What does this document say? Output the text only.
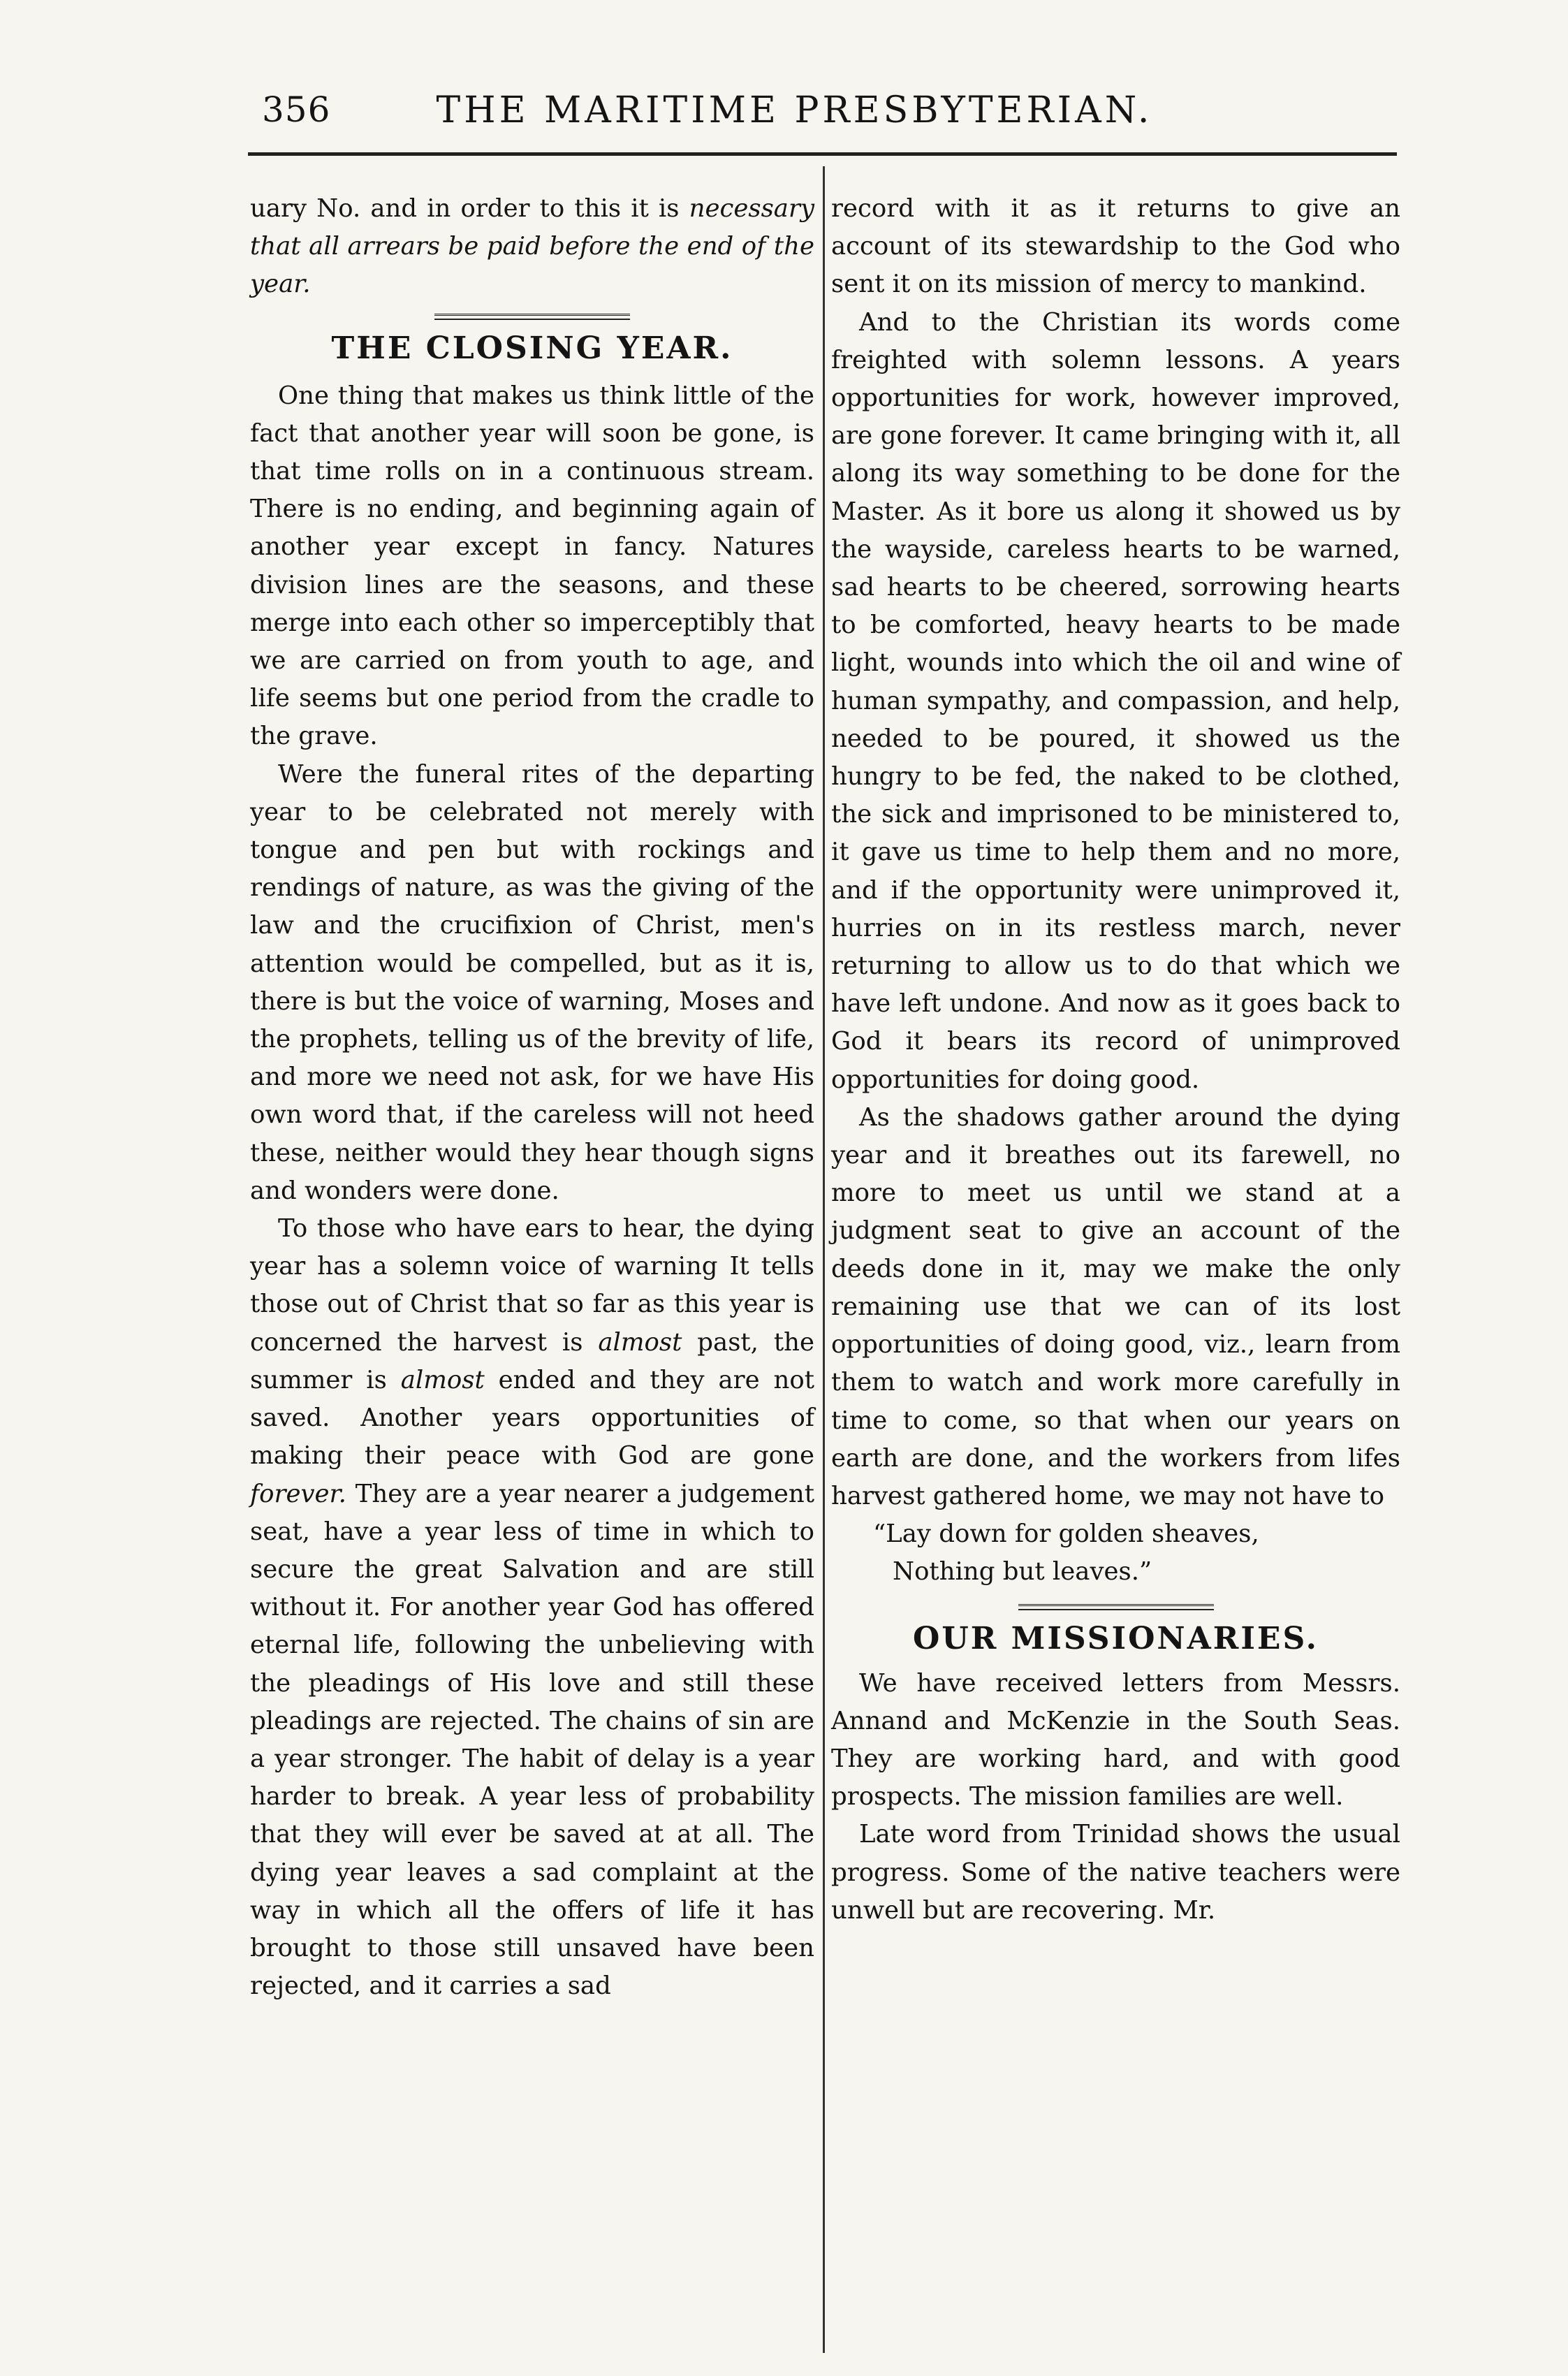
356	THE MARITIME PRESBYTERIAN.

uary No. and in order to this it is necessary that all arrears be paid before the end of the year.

THE CLOSING YEAR.

One thing that makes us think little of the fact that another year will soon be gone, is that time rolls on in a continuous stream. There is no ending, and beginning again of another year except in fancy. Natures division lines are the seasons, and these merge into each other so imperceptibly that we are carried on from youth to age, and life seems but one period from the cradle to the grave.

Were the funeral rites of the departing year to be celebrated not merely with tongue and pen but with rockings and rendings of nature, as was the giving of the law and the crucifixion of Christ, men's attention would be compelled, but as it is, there is but the voice of warning, Moses and the prophets, telling us of the brevity of life, and more we need not ask, for we have His own word that, if the careless will not heed these, neither would they hear though signs and wonders were done.

To those who have ears to hear, the dying year has a solemn voice of warning It tells those out of Christ that so far as this year is concerned the harvest is almost past, the summer is almost ended and they are not saved. Another years opportunities of making their peace with God are gone forever. They are a year nearer a judgement seat, have a year less of time in which to secure the great Salvation and are still without it. For another year God has offered eternal life, following the unbelieving with the pleadings of His love and still these pleadings are rejected. The chains of sin are a year stronger. The habit of delay is a year harder to break. A year less of probability that they will ever be saved at at all. The dying year leaves a sad complaint at the way in which all the offers of life it has brought to those still unsaved have been rejected, and it carries a sad

record with it as it returns to give an account of its stewardship to the God who sent it on its mission of mercy to mankind.

And to the Christian its words come freighted with solemn lessons. A years opportunities for work, however improved, are gone forever. It came bringing with it, all along its way something to be done for the Master. As it bore us along it showed us by the wayside, careless hearts to be warned, sad hearts to be cheered, sorrowing hearts to be comforted, heavy hearts to be made light, wounds into which the oil and wine of human sympathy, and compassion, and help, needed to be poured, it showed us the hungry to be fed, the naked to be clothed, the sick and imprisoned to be ministered to, it gave us time to help them and no more, and if the opportunity were unimproved it, hurries on in its restless march, never returning to allow us to do that which we have left undone. And now as it goes back to God it bears its record of unimproved opportunities for doing good.

As the shadows gather around the dying year and it breathes out its farewell, no more to meet us until we stand at a judgment seat to give an account of the deeds done in it, may we make the only remaining use that we can of its lost opportunities of doing good, viz., learn from them to watch and work more carefully in time to come, so that when our years on earth are done, and the workers from lifes harvest gathered home, we may not have to

“Lay down for golden sheaves,
Nothing but leaves.”

OUR MISSIONARIES.

We have received letters from Messrs. Annand and McKenzie in the South Seas. They are working hard, and with good prospects. The mission families are well.

Late word from Trinidad shows the usual progress. Some of the native teachers were unwell but are recovering. Mr.
